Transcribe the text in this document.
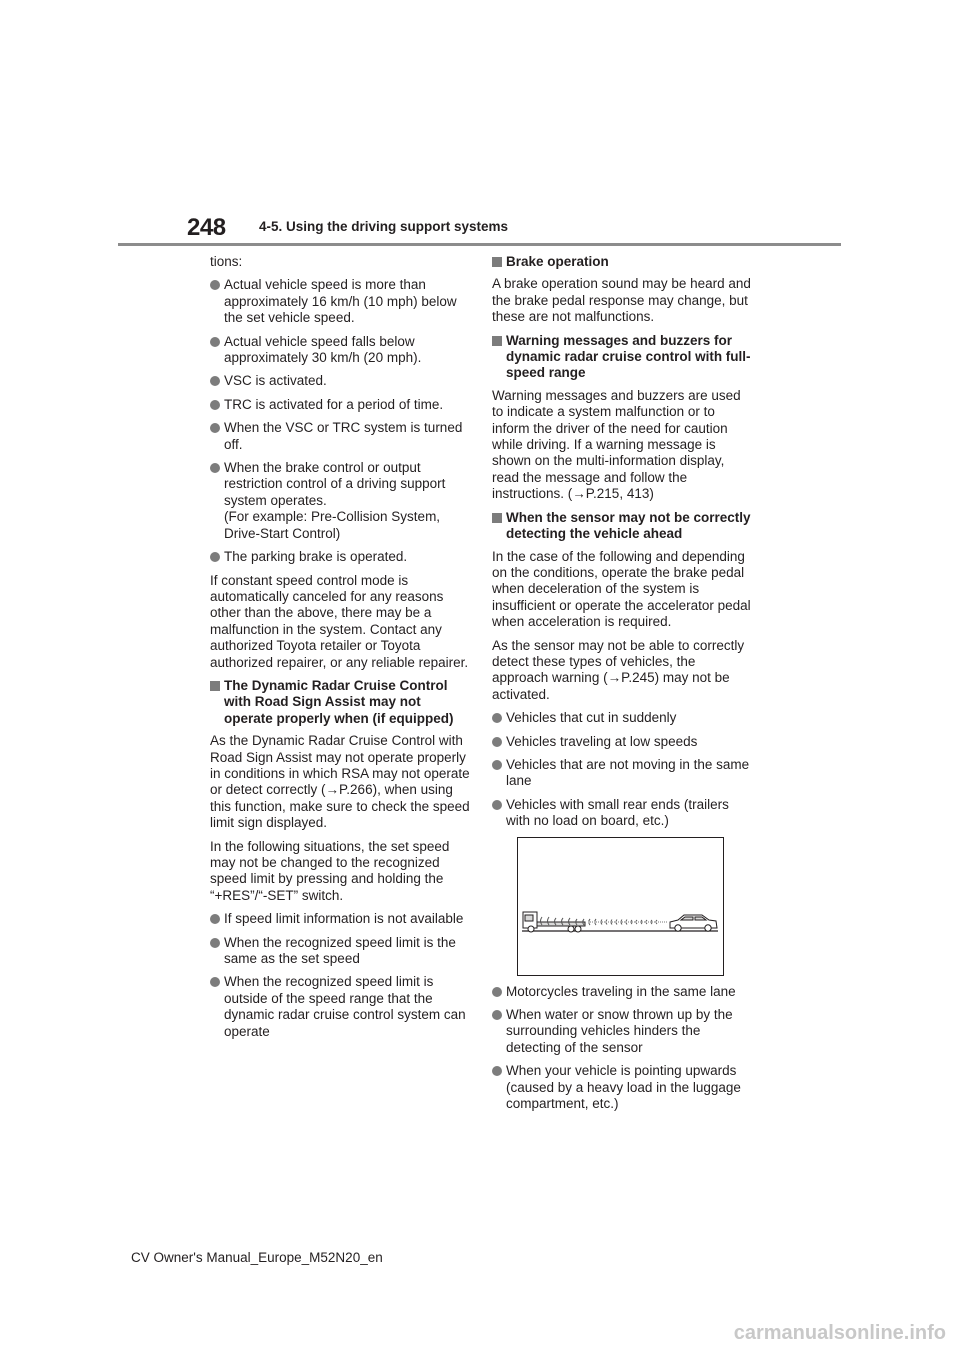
248 4-5. Using the driving support systems

tions:

Actual vehicle speed is more than approximately 16 km/h (10 mph) below the set vehicle speed.
Actual vehicle speed falls below approximately 30 km/h (20 mph).
VSC is activated.
TRC is activated for a period of time.
When the VSC or TRC system is turned off.
When the brake control or output restriction control of a driving support system operates.
(For example: Pre-Collision System, Drive-Start Control)
The parking brake is operated.

If constant speed control mode is automatically canceled for any reasons other than the above, there may be a malfunction in the system. Contact any authorized Toyota retailer or Toyota authorized repairer, or any reliable repairer.

The Dynamic Radar Cruise Control with Road Sign Assist may not operate properly when (if equipped)

As the Dynamic Radar Cruise Control with Road Sign Assist may not operate properly in conditions in which RSA may not operate or detect correctly (→P.266), when using this function, make sure to check the speed limit sign displayed.

In the following situations, the set speed may not be changed to the recognized speed limit by pressing and holding the “+RES”/“-SET” switch.

If speed limit information is not available
When the recognized speed limit is the same as the set speed
When the recognized speed limit is outside of the speed range that the dynamic radar cruise control system can operate
Brake operation

A brake operation sound may be heard and the brake pedal response may change, but these are not malfunctions.

Warning messages and buzzers for dynamic radar cruise control with full-speed range

Warning messages and buzzers are used to indicate a system malfunction or to inform the driver of the need for caution while driving. If a warning message is shown on the multi-information display, read the message and follow the instructions. (→P.215, 413)

When the sensor may not be correctly detecting the vehicle ahead

In the case of the following and depending on the conditions, operate the brake pedal when deceleration of the system is insufficient or operate the accelerator pedal when acceleration is required.

As the sensor may not be able to correctly detect these types of vehicles, the approach warning (→P.245) may not be activated.

Vehicles that cut in suddenly
Vehicles traveling at low speeds
Vehicles that are not moving in the same lane
Vehicles with small rear ends (trailers with no load on board, etc.)
Motorcycles traveling in the same lane
When water or snow thrown up by the surrounding vehicles hinders the detecting of the sensor
When your vehicle is pointing upwards (caused by a heavy load in the luggage compartment, etc.)
CV Owner's Manual_Europe_M52N20_en
carmanualsonline.info
